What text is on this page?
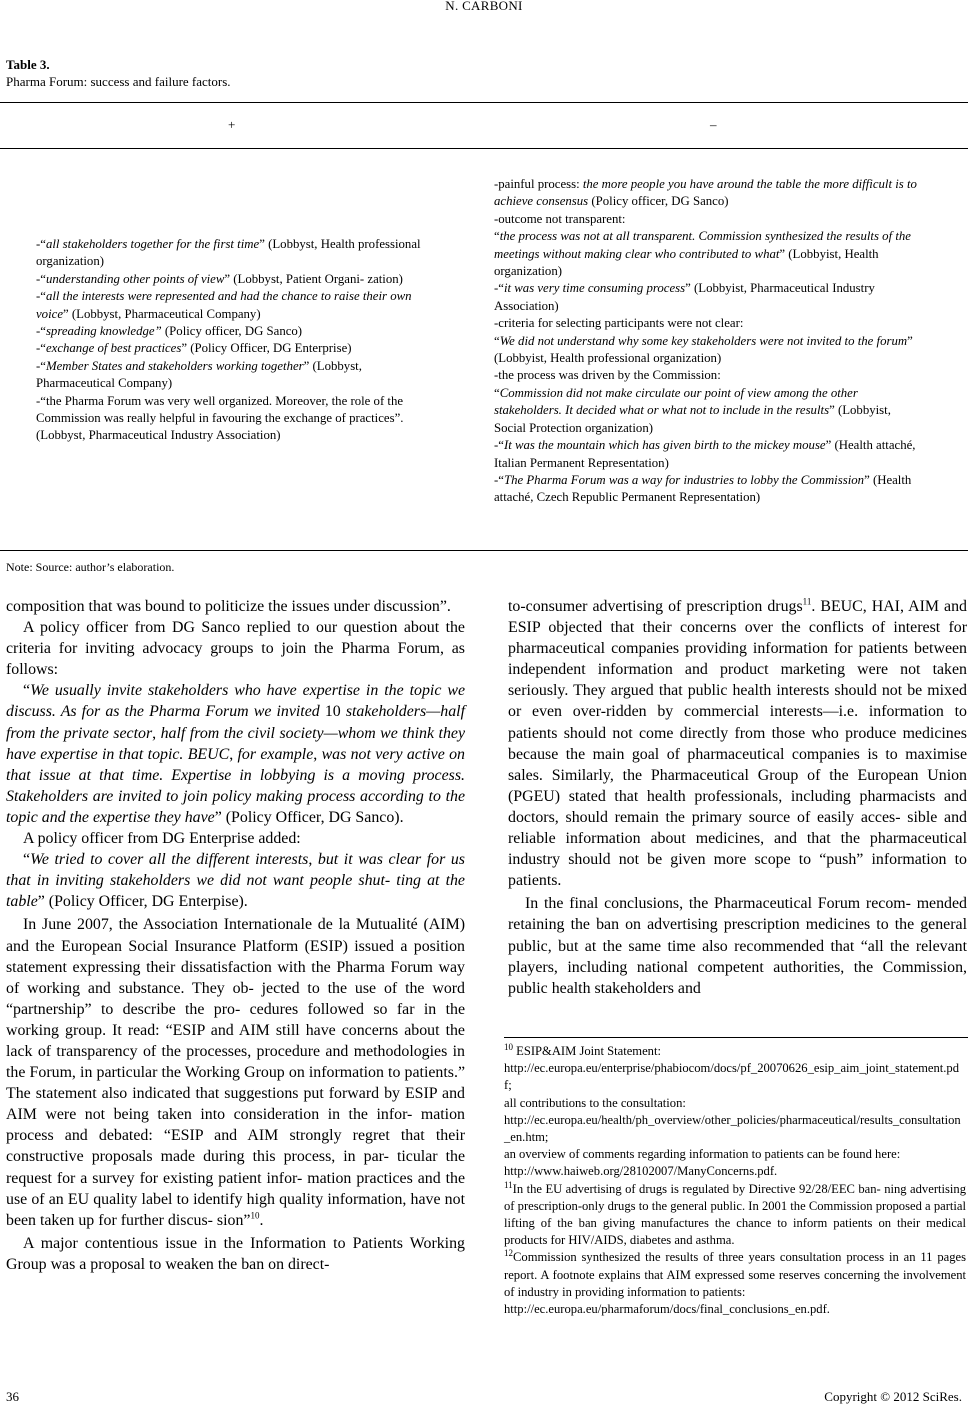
N. CARBONI
Table 3.
Pharma Forum: success and failure factors.
+	–

-“all stakeholders together for the first time” (Lobbyst, Health professional organization)

-“understanding other points of view” (Lobbyst, Patient Organi- zation)

-“all the interests were represented and had the chance to raise their own voice” (Lobbyst, Pharmaceutical Company)

-“spreading knowledge” (Policy officer, DG Sanco)

-“exchange of best practices” (Policy Officer, DG Enterprise)

-“Member States and stakeholders working together” (Lobbyst, Pharmaceutical Company)

-“the Pharma Forum was very well organized. Moreover, the role of the Commission was really helpful in favouring the exchange of practices”. (Lobbyst, Pharmaceutical Industry Association)

-painful process: the more people you have around the table the more difficult is to achieve consensus (Policy officer, DG Sanco)

-outcome not transparent:

“the process was not at all transparent. Commission synthesized the results of the meetings without making clear who contributed to what” (Lobbyist, Health organization)

-“it was very time consuming process” (Lobbyist, Pharmaceutical Industry Association)

-criteria for selecting participants were not clear:

“We did not understand why some key stakeholders were not invited to the forum” (Lobbyist, Health professional organization)

-the process was driven by the Commission:

“Commission did not make circulate our point of view among the other stakeholders. It decided what or what not to include in the results” (Lobbyist, Social Protection organization)

-“It was the mountain which has given birth to the mickey mouse” (Health attaché, Italian Permanent Representation)

-“The Pharma Forum was a way for industries to lobby the Commission” (Health attaché, Czech Republic Permanent Representation)

Note: Source: author’s elaboration.

composition that was bound to politicize the issues under discussion”.

A policy officer from DG Sanco replied to our question about the criteria for inviting advocacy groups to join the Pharma Forum, as follows:

“We usually invite stakeholders who have expertise in the topic we discuss. As for as the Pharma Forum we invited 10 stakeholders—half from the private sector, half from the civil society—whom we think they have expertise in that topic. BEUC, for example, was not very active on that issue at that time. Expertise in lobbying is a moving process. Stakeholders are invited to join policy making process according to the topic and the expertise they have” (Policy Officer, DG Sanco).

A policy officer from DG Enterprise added:

“We tried to cover all the different interests, but it was clear for us that in inviting stakeholders we did not want people shut- ting at the table” (Policy Officer, DG Enterpise).

In June 2007, the Association Internationale de la Mutualité (AIM) and the European Social Insurance Platform (ESIP) issued a position statement expressing their dissatisfaction with the Pharma Forum way of working and substance. They ob- jected to the use of the word “partnership” to describe the pro- cedures followed so far in the working group. It read: “ESIP and AIM still have concerns about the lack of transparency of the processes, procedure and methodologies in the Forum, in particular the Working Group on information to patients.” The statement also indicated that suggestions put forward by ESIP and AIM were not being taken into consideration in the infor- mation process and debated: “ESIP and AIM strongly regret that their constructive proposals made during this process, in par- ticular the request for a survey for existing patient infor- mation practices and the use of an EU quality label to identify high quality information, have not been taken up for further discus- sion”$^{10}$.

A major contentious issue in the Information to Patients Working Group was a proposal to weaken the ban on direct-

to-consumer advertising of prescription drugs$^{11}$. BEUC, HAI, AIM and ESIP objected that their concerns over the conflicts of interest for pharmaceutical companies providing information for patients between independent information and product marketing were not taken seriously. They argued that public health interests should not be mixed or even over-ridden by commercial interests—i.e. information to patients should not come directly from those who produce medicines because the main goal of pharmaceutical companies is to maximise sales. Similarly, the Pharmaceutical Group of the European Union (PGEU) stated that health professionals, including pharmacists and doctors, should remain the primary source of easily acces- sible and reliable information about medicines, and that the pharmaceutical industry should not be given more scope to “push” information to patients.

In the final conclusions, the Pharmaceutical Forum recom- mended retaining the ban on advertising prescription medicines to the general public, but at the same time also recommended that “all the relevant players, including national competent authorities, the Commission, public health stakeholders and

$^{10}$ ESIP&AIM Joint Statement:

http://ec.europa.eu/enterprise/phabiocom/docs/pf_20070626_esip_aim_joint_statement.pdf;

all contributions to the consultation:

http://ec.europa.eu/health/ph_overview/other_policies/pharmaceutical/results_consultation_en.htm;

an overview of comments regarding information to patients can be found here:

http://www.haiweb.org/28102007/ManyConcerns.pdf.

$^{11}$In the EU advertising of drugs is regulated by Directive 92/28/EEC ban- ning advertising of prescription-only drugs to the general public. In 2001 the Commission proposed a partial lifting of the ban giving manufactures the chance to inform patients on their medical products for HIV/AIDS, diabetes and asthma.

$^{12}$Commission synthesized the results of three years consultation process in an 11 pages report. A footnote explains that AIM expressed some reserves concerning the involvement of industry in providing information to patients:

http://ec.europa.eu/pharmaforum/docs/final_conclusions_en.pdf.

36	Copyright © 2012 SciRes.
